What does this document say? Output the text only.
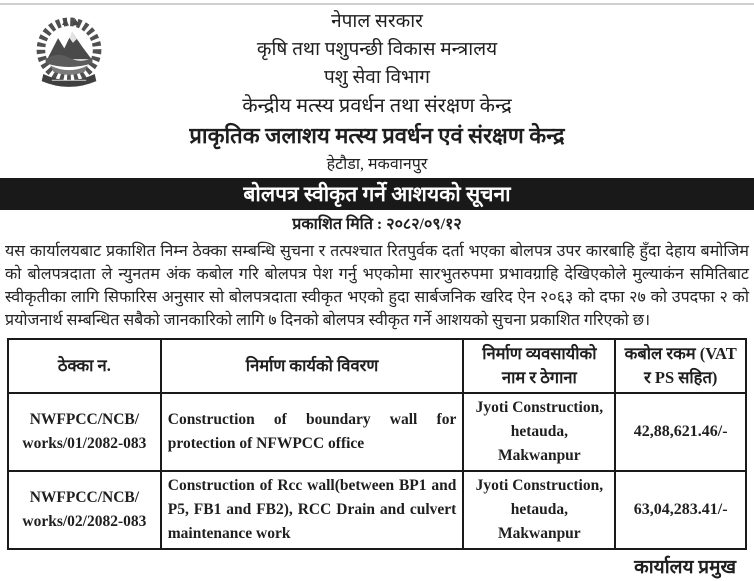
नेपाल सरकार
कृषि तथा पशुपन्छी विकास मन्त्रालय
पशु सेवा विभाग
केन्द्रीय मत्स्य प्रवर्धन तथा संरक्षण केन्द्र
प्राकृतिक जलाशय मत्स्य प्रवर्धन एवं संरक्षण केन्द्र
हेटौडा, मकवानपुर
बोलपत्र स्वीकृत गर्ने आशयको सूचना
प्रकाशित मिति : २०८२/०९/१२
यस कार्यालयबाट प्रकाशित निम्न ठेक्का सम्बन्धि सुचना र तत्पश्चात रितपुर्वक दर्ता भएका बोलपत्र उपर कारबाहि हुँदा देहाय बमोजिम को बोलपत्रदाता ले न्युनतम अंक कबोल गरि बोलपत्र पेश गर्नु भएकोमा सारभुतरुपमा प्रभावग्राहि देखिएकोले मुल्याकंन समितिबाट स्वीकृतीका लागि सिफारिस अनुसार सो बोलपत्रदाता स्वीकृत भएको हुदा सार्बजनिक खरिद ऐन २०६३ को दफा २७ को उपदफा २ को प्रयोजनार्थ सम्बन्धित सबैको जानकारिको लागि ७ दिनको बोलपत्र स्वीकृत गर्ने आशयको सुचना प्रकाशित गरिएको छ।
ठेक्का न.	निर्माण कार्यको विवरण	निर्माण व्यवसायीको नाम र ठेगाना	कबोल रकम (VAT र PS सहित)

NWFPCC/NCB/
works/01/2082-083	Construction of boundary wall for protection of NFWPCC office	Jyoti Construction, hetauda, Makwanpur	42,88,621.46/-

NWFPCC/NCB/
works/02/2082-083	Construction of Rcc wall(between BP1 and P5, FB1 and FB2), RCC Drain and culvert maintenance work	Jyoti Construction, hetauda, Makwanpur	63,04,283.41/-
कार्यालय प्रमुख
